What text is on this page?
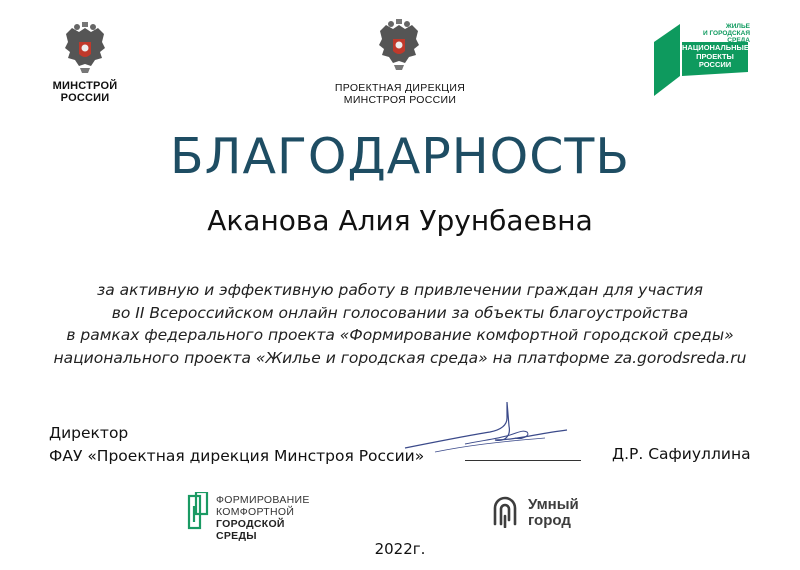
МИНСТРОЙ
РОССИИ
ПРОЕКТНАЯ ДИРЕКЦИЯ
МИНСТРОЯ РОССИИ
ЖИЛЬЕ
И ГОРОДСКАЯ СРЕДА
НАЦИОНАЛЬНЫЕ
ПРОЕКТЫ
РОССИИ
БЛАГОДАРНОСТЬ
Аканова Алия Урунбаевна
за активную и эффективную работу в привлечении граждан для участия
во II Всероссийском онлайн голосовании за объекты благоустройства
в рамках федерального проекта «Формирование комфортной городской среды»
национального проекта «Жилье и городская среда» на платформе za.gorodsreda.ru
Директор
ФАУ «Проектная дирекция Минстроя России»	Д.Р. Сафиуллина
ФОРМИРОВАНИЕ
КОМФОРТНОЙ
ГОРОДСКОЙ СРЕДЫ
Умный
город
2022г.
